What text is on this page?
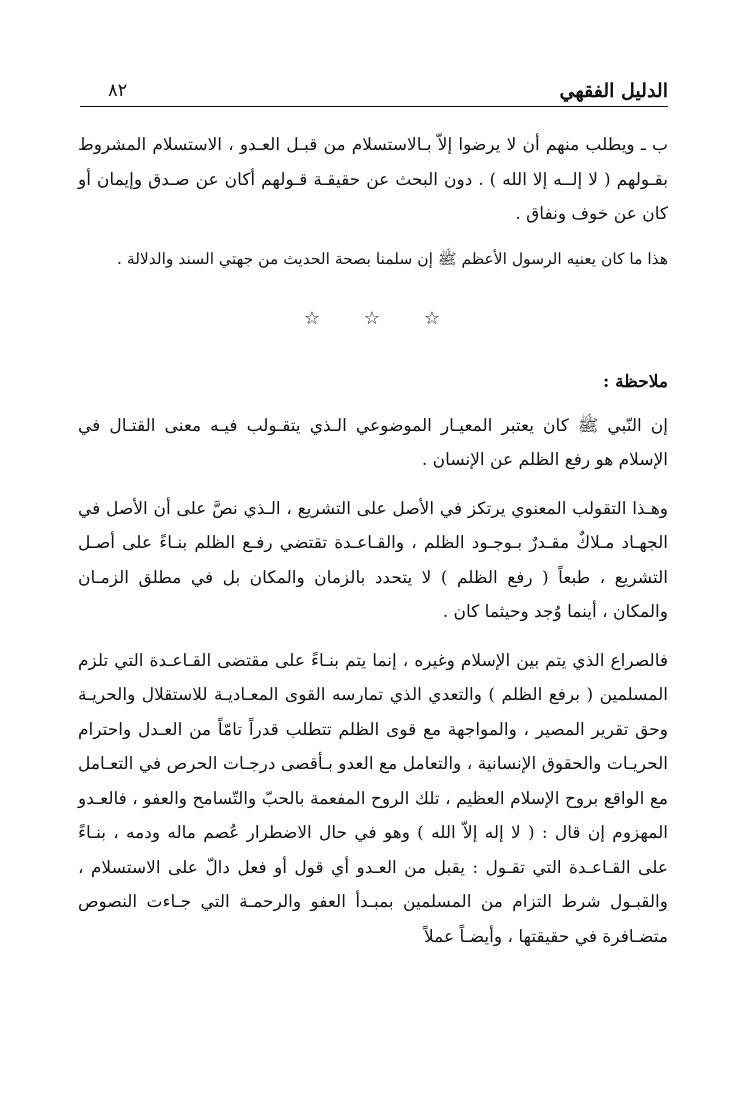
الدليل الفقهي
٨٢

ب ـ ويطلب منهم أن لا يرضوا إلاّ بـالاستسلام من قبـل العـدو ، الاستسلام المشروط بقـولهم ( لا إلــه إلا الله ) . دون البحث عن حقيقـة قـولهم أكان عن صـدق وإيمان أو كان عن خوف ونفاق .

هذا ما كان يعنيه الرسول الأعظم ﷺ إن سلمنا بصحة الحديث من جهتي السند والدلالة .

☆
☆
☆

ملاحظة :

إن النّبي ﷺ كان يعتبر المعيـار الموضوعي الـذي يتقـولب فيـه معنى القتـال في الإسلام هو رفع الظلم عن الإنسان .

وهـذا التقولب المعنوي يرتكز في الأصل على التشريع ، الـذي نصَّ على أن الأصل في الجهـاد مـلاكٌ مقـدرٌ بـوجـود الظلم ، والقـاعـدة تقتضي رفـع الظلم بنـاءً على أصـل التشريع ، طبعاً ( رفع الظلم ) لا يتحدد بالزمان والمكان بل في مطلق الزمـان والمكان ، أينما وُجد وحيثما كان .

فالصراع الذي يتم بين الإسلام وغيره ، إنما يتم بنـاءً على مقتضى القـاعـدة التي تلزم المسلمين ( برفع الظلم ) والتعدي الذي تمارسه القوى المعـاديـة للاستقلال والحريـة وحق تقرير المصير ، والمواجهة مع قوى الظلم تتطلب قدراً تامّاً من العـدل واحترام الحريـات والحقوق الإنسانية ، والتعامل مع العدو بـأقصى درجـات الحرص في التعـامل مع الواقع بروح الإسلام العظيم ، تلك الروح المفعمة بالحبّ والتّسامح والعفو ، فالعـدو المهزوم إن قال : ( لا إله إلاّ الله ) وهو في حال الاضطرار عُصم ماله ودمه ، بنـاءً على القـاعـدة التي تقـول : يقبل من العـدو أي قول أو فعل دالّ على الاستسلام ، والقبـول شرط التزام من المسلمين بمبـدأ العفو والرحمـة التي جـاءت النصوص متضـافرة في حقيقتها ، وأيضـاً عملاً
